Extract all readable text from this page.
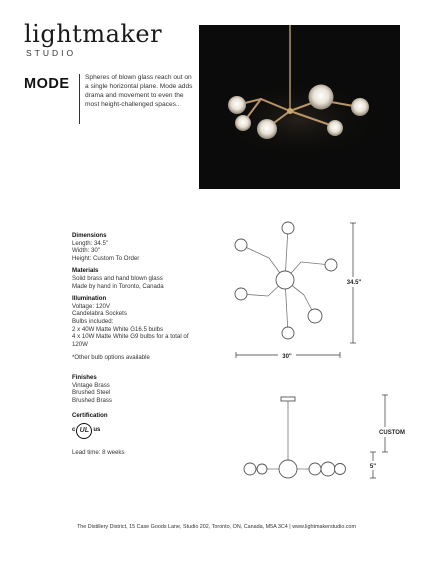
lightmaker
STUDIO
MODE Spheres of blown glass reach out on a single horizontal plane. Mode adds drama and movement to even the most height-challenged spaces..
Dimensions
Length: 34.5"
Width: 30"
Height: Custom To Order
Materials
Solid brass and hand blown glass
Made by hand in Toronto, Canada
Illumination
Voltage: 120V
Candelabra Sockets
Bulbs included:
2 x 40W Matte White G16.5 bulbs
4 x 10W Matte White G9 bulbs for a total of 120W
*Other bulb options available
Finishes
Vintage Brass
Brushed Steel
Brushed Brass
Certification
c UL us
Lead time: 8 weeks
34.5"
30"
CUSTOM
5"
The Distillery District, 15 Case Goods Lane, Studio 202, Toronto, ON, Canada, M5A 3C4 | www.lightmakerstudio.com
